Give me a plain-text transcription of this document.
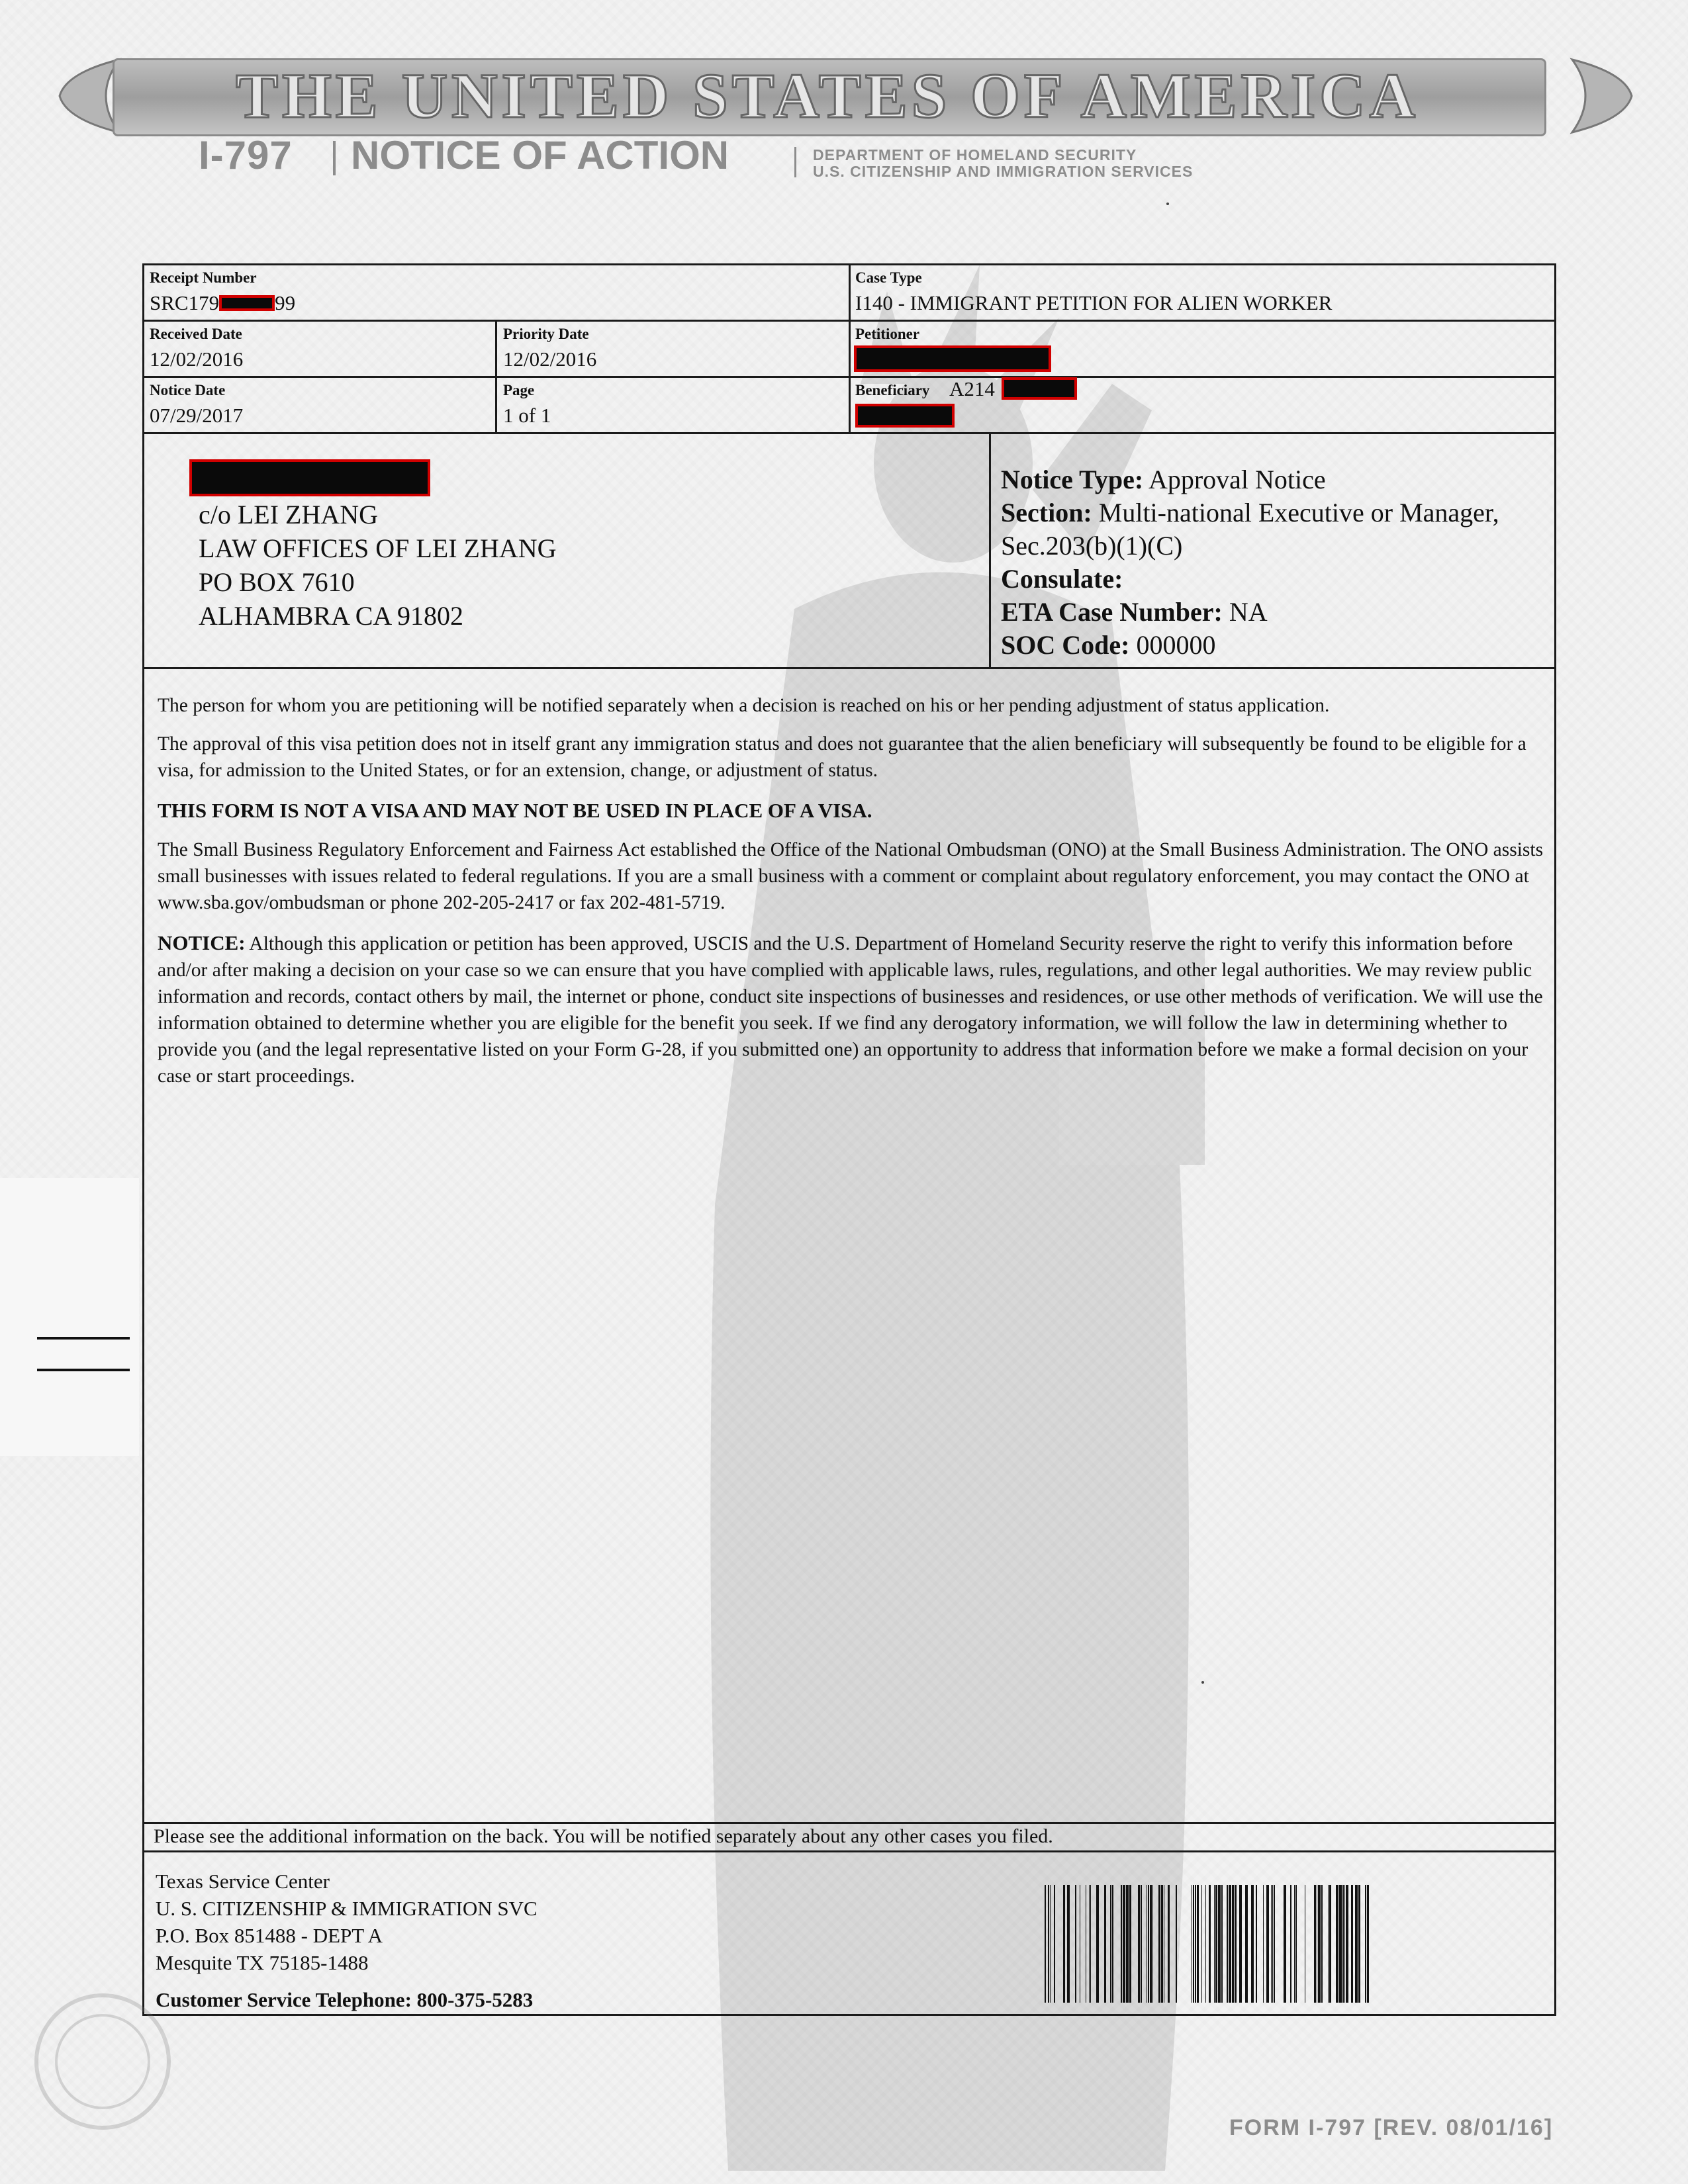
THE UNITED STATES OF AMERICA
I-797 NOTICE OF ACTION	DEPARTMENT OF HOMELAND SECURITY
U.S. CITIZENSHIP AND IMMIGRATION SERVICES
Receipt Number
SRC179	99
Case Type
I140 - IMMIGRANT PETITION FOR ALIEN WORKER
Received Date
12/02/2016
Priority Date
12/02/2016
Petitioner
Notice Date
07/29/2017
Page
1 of 1
Beneficiary A214
c/o LEI ZHANG
LAW OFFICES OF LEI ZHANG
PO BOX 7610
ALHAMBRA CA 91802
Notice Type: Approval Notice
Section: Multi-national Executive or Manager,
Sec.203(b)(1)(C)
Consulate:
ETA Case Number: NA
SOC Code: 000000

The person for whom you are petitioning will be notified separately when a decision is reached on his or her pending adjustment of status application.

The approval of this visa petition does not in itself grant any immigration status and does not guarantee that the alien beneficiary will subsequently be found to be eligible for a visa, for admission to the United States, or for an extension, change, or adjustment of status.

THIS FORM IS NOT A VISA AND MAY NOT BE USED IN PLACE OF A VISA.

The Small Business Regulatory Enforcement and Fairness Act established the Office of the National Ombudsman (ONO) at the Small Business Administration. The ONO assists small businesses with issues related to federal regulations. If you are a small business with a comment or complaint about regulatory enforcement, you may contact the ONO at www.sba.gov/ombudsman or phone 202-205-2417 or fax 202-481-5719.

NOTICE: Although this application or petition has been approved, USCIS and the U.S. Department of Homeland Security reserve the right to verify this information before and/or after making a decision on your case so we can ensure that you have complied with applicable laws, rules, regulations, and other legal authorities. We may review public information and records, contact others by mail, the internet or phone, conduct site inspections of businesses and residences, or use other methods of verification. We will use the information obtained to determine whether you are eligible for the benefit you seek. If we find any derogatory information, we will follow the law in determining whether to provide you (and the legal representative listed on your Form G-28, if you submitted one) an opportunity to address that information before we make a formal decision on your case or start proceedings.

Please see the additional information on the back. You will be notified separately about any other cases you filed.
Texas Service Center
U. S. CITIZENSHIP & IMMIGRATION SVC
P.O. Box 851488 - DEPT A
Mesquite TX 75185-1488
Customer Service Telephone: 800-375-5283
FORM I-797 [REV. 08/01/16]
